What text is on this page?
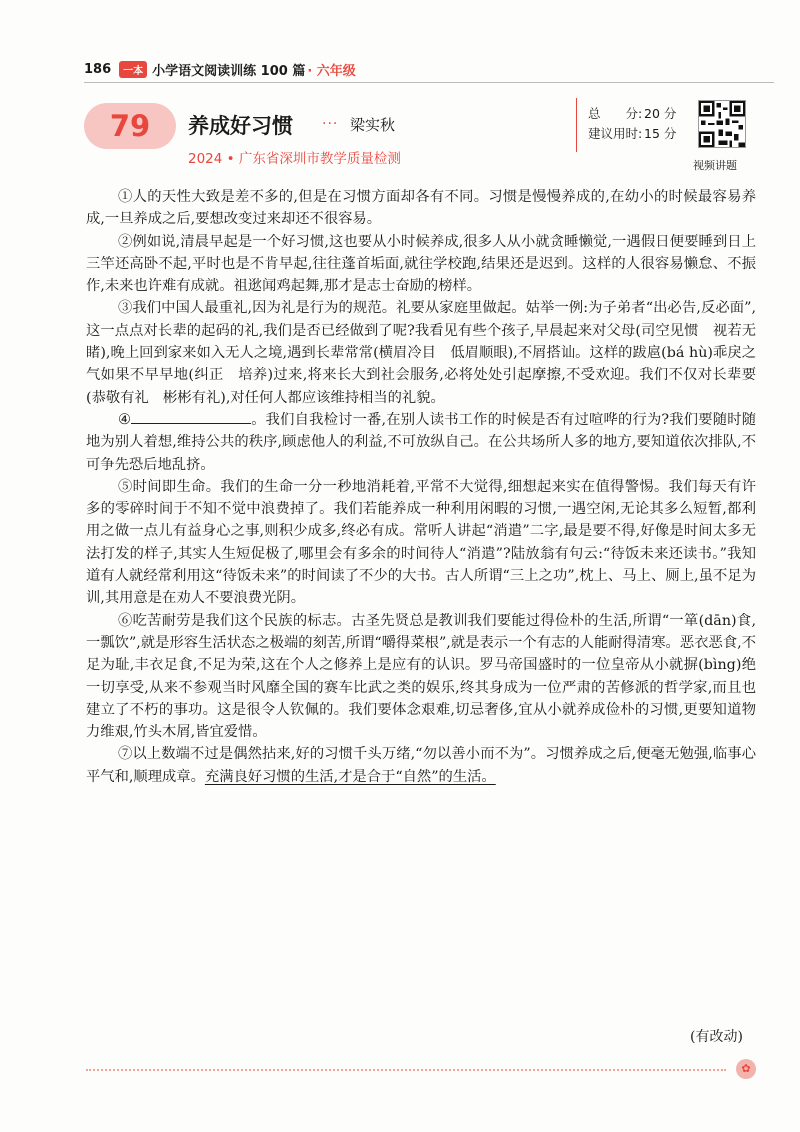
186	一本 小学语文阅读训练 100 篇 · 六年级
79 养成好习惯 ··· 梁实秋
2024 • 广东省深圳市教学质量检测
总　　分: 20 分
建议用时: 15 分
视频讲题

①人的天性大致是差不多的,但是在习惯方面却各有不同。习惯是慢慢养成的,在幼小的时候最容易养成,一旦养成之后,要想改变过来却还不很容易。

②例如说,清晨早起是一个好习惯,这也要从小时候养成,很多人从小就贪睡懒觉,一遇假日便要睡到日上三竿还高卧不起,平时也是不肯早起,往往蓬首垢面,就往学校跑,结果还是迟到。这样的人很容易懒怠、不振作,未来也许难有成就。祖逖闻鸡起舞,那才是志士奋励的榜样。

③我们中国人最重礼,因为礼是行为的规范。礼要从家庭里做起。姑举一例:为子弟者“出必告,反必面”,这一点点对长辈的起码的礼,我们是否已经做到了呢?我看见有些个孩子,早晨起来对父母(司空见惯　视若无睹),晚上回到家来如入无人之境,遇到长辈常常(横眉冷目　低眉顺眼),不屑搭讪。这样的跋扈(bá hù)乖戾之气如果不早早地(纠正　培养)过来,将来长大到社会服务,必将处处引起摩擦,不受欢迎。我们不仅对长辈要(恭敬有礼　彬彬有礼),对任何人都应该维持相当的礼貌。

④	。我们自我检讨一番,在别人读书工作的时候是否有过喧哗的行为?我们要随时随地为别人着想,维持公共的秩序,顾虑他人的利益,不可放纵自己。在公共场所人多的地方,要知道依次排队,不可争先恐后地乱挤。

⑤时间即生命。我们的生命一分一秒地消耗着,平常不大觉得,细想起来实在值得警惕。我们每天有许多的零碎时间于不知不觉中浪费掉了。我们若能养成一种利用闲暇的习惯,一遇空闲,无论其多么短暂,都利用之做一点儿有益身心之事,则积少成多,终必有成。常听人讲起“消遣”二字,最是要不得,好像是时间太多无法打发的样子,其实人生短促极了,哪里会有多余的时间待人“消遣”?陆放翁有句云:“待饭未来还读书。”我知道有人就经常利用这“待饭未来”的时间读了不少的大书。古人所谓“三上之功”,枕上、马上、厕上,虽不足为训,其用意是在劝人不要浪费光阴。

⑥吃苦耐劳是我们这个民族的标志。古圣先贤总是教训我们要能过得俭朴的生活,所谓“一箪(dān)食,一瓢饮”,就是形容生活状态之极端的刻苦,所谓“嚼得菜根”,就是表示一个有志的人能耐得清寒。恶衣恶食,不足为耻,丰衣足食,不足为荣,这在个人之修养上是应有的认识。罗马帝国盛时的一位皇帝从小就摒(bìng)绝一切享受,从来不参观当时风靡全国的赛车比武之类的娱乐,终其身成为一位严肃的苦修派的哲学家,而且也建立了不朽的事功。这是很令人钦佩的。我们要体念艰难,切忌奢侈,宜从小就养成俭朴的习惯,更要知道物力维艰,竹头木屑,皆宜爱惜。

⑦以上数端不过是偶然拈来,好的习惯千头万绪,“勿以善小而不为”。习惯养成之后,便毫无勉强,临事心平气和,顺理成章。充满良好习惯的生活,才是合于“自然”的生活。

(有改动)
✿
